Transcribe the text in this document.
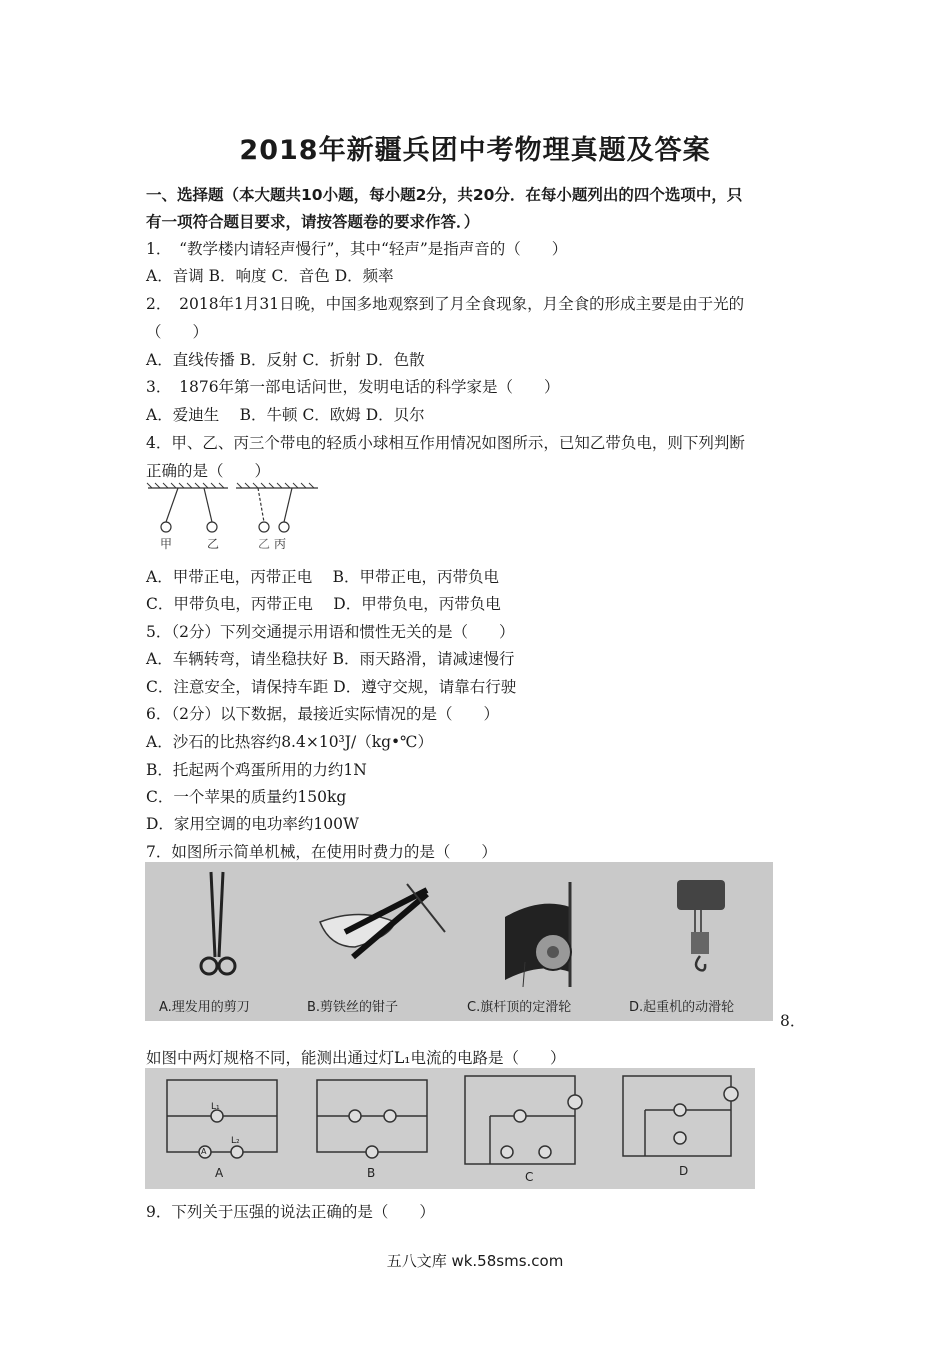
2018年新疆兵团中考物理真题及答案
一、选择题（本大题共10小题，每小题2分，共20分．在每小题列出的四个选项中，只
有一项符合题目要求，请按答题卷的要求作答．）
1．　“教学楼内请轻声慢行”，其中“轻声”是指声音的（　　）
A．音调 B．响度 C．音色 D．频率
2．　2018年1月31日晚，中国多地观察到了月全食现象，月全食的形成主要是由于光的
（　　）
A．直线传播 B．反射 C．折射 D．色散
3．　1876年第一部电话问世，发明电话的科学家是（　　）
A．爱迪生　 B．牛顿 C．欧姆 D．贝尔
4．甲、乙、丙三个带电的轻质小球相互作用情况如图所示，已知乙带负电，则下列判断
正确的是（　　）
甲	乙	乙 丙
A．甲带正电，丙带正电　 B．甲带正电，丙带负电
C．甲带负电，丙带正电　 D．甲带负电，丙带负电
5．（2分）下列交通提示用语和惯性无关的是（　　）
A．车辆转弯，请坐稳扶好 B．雨天路滑，请减速慢行
C．注意安全，请保持车距 D．遵守交规，请靠右行驶
6．（2分）以下数据，最接近实际情况的是（　　）
A．沙石的比热容约8.4×10³J/（kg•℃）
B．托起两个鸡蛋所用的力约1N
C．一个苹果的质量约150kg
D．家用空调的电功率约100W
7．如图所示简单机械，在使用时费力的是（　　）
A.理发用的剪刀	B.剪铁丝的钳子	C.旗杆顶的定滑轮	D.起重机的动滑轮
8．
如图中两灯规格不同，能测出通过灯L₁电流的电路是（　　）
A	B	C	D
L₁
L₂
A
9．下列关于压强的说法正确的是（　　）
五八文库 wk.58sms.com
